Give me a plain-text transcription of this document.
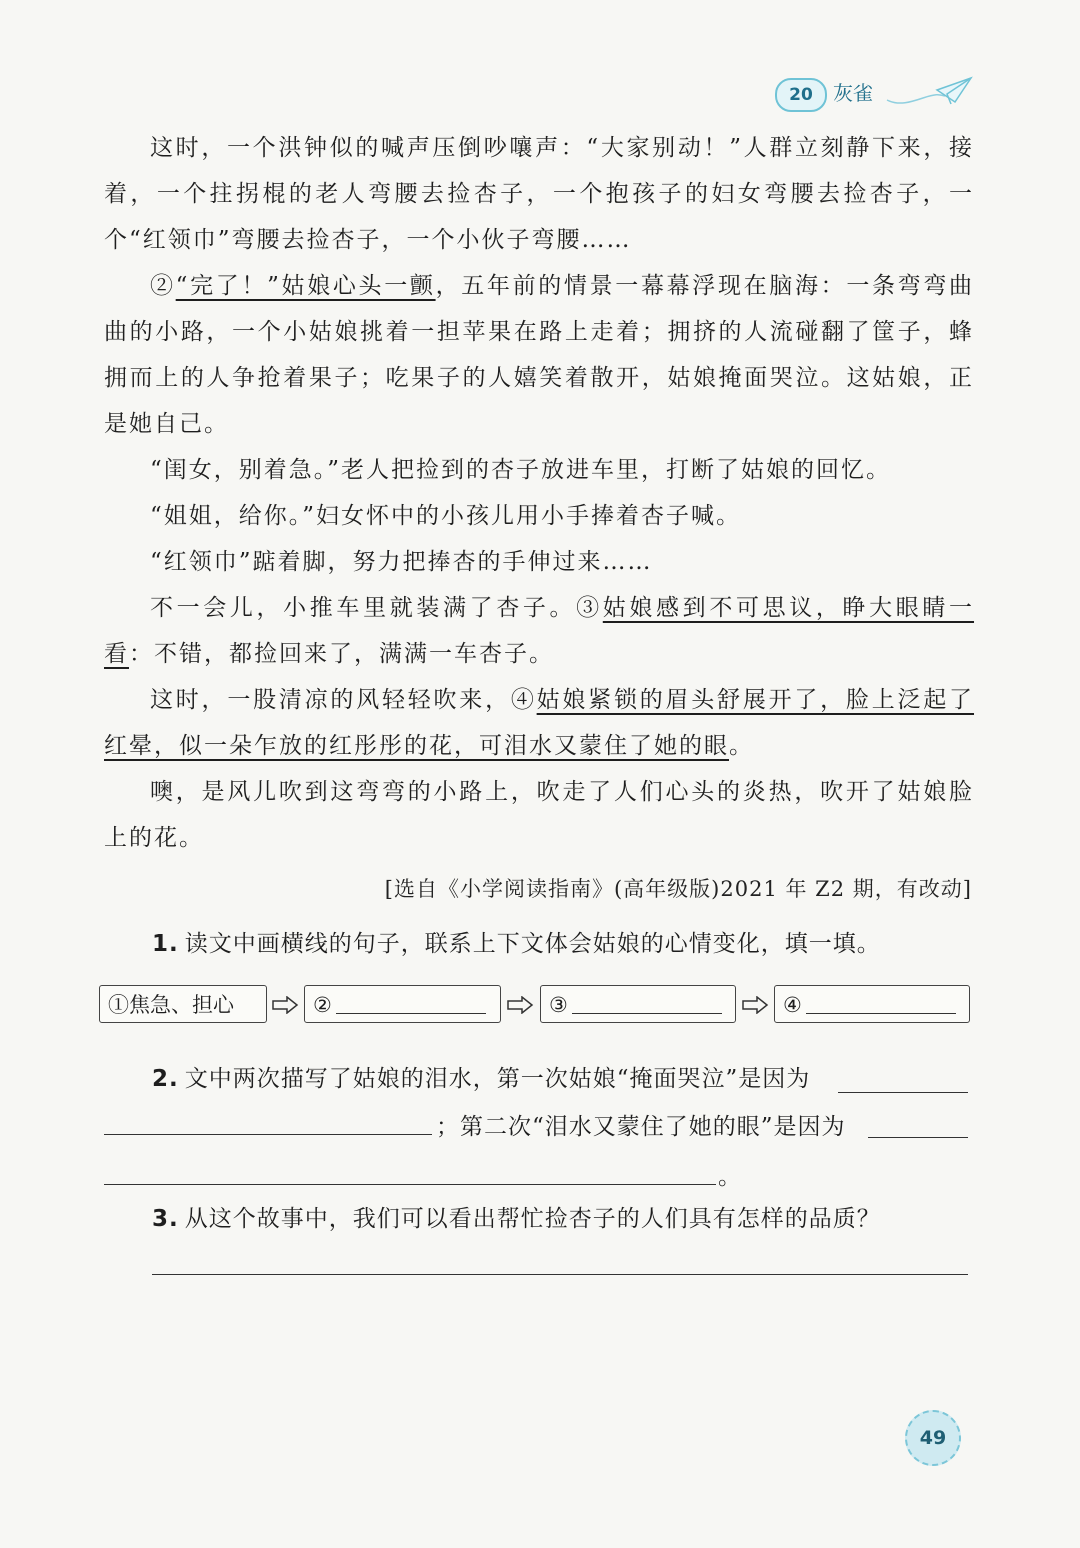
20	灰雀

这时，一个洪钟似的喊声压倒吵嚷声：“大家别动！”人群立刻静下来，接着，一个拄拐棍的老人弯腰去捡杏子，一个抱孩子的妇女弯腰去捡杏子，一个“红领巾”弯腰去捡杏子，一个小伙子弯腰……

②“完了！”姑娘心头一颤，五年前的情景一幕幕浮现在脑海：一条弯弯曲曲的小路，一个小姑娘挑着一担苹果在路上走着；拥挤的人流碰翻了筐子，蜂拥而上的人争抢着果子；吃果子的人嬉笑着散开，姑娘掩面哭泣。这姑娘，正是她自己。

“闺女，别着急。”老人把捡到的杏子放进车里，打断了姑娘的回忆。

“姐姐，给你。”妇女怀中的小孩儿用小手捧着杏子喊。

“红领巾”踮着脚，努力把捧杏的手伸过来……

不一会儿，小推车里就装满了杏子。③姑娘感到不可思议，睁大眼睛一看：不错，都捡回来了，满满一车杏子。

这时，一股清凉的风轻轻吹来，④姑娘紧锁的眉头舒展开了，脸上泛起了红晕，似一朵乍放的红彤彤的花，可泪水又蒙住了她的眼。

噢，是风儿吹到这弯弯的小路上，吹走了人们心头的炎热，吹开了姑娘脸上的花。

[选自《小学阅读指南》(高年级版)2021 年 Z2 期，有改动]
1. 读文中画横线的句子，联系上下文体会姑娘的心情变化，填一填。
①焦急、担心	②	③	④
2. 文中两次描写了姑娘的泪水，第一次姑娘“掩面哭泣”是因为
；第二次“泪水又蒙住了她的眼”是因为
。
3. 从这个故事中，我们可以看出帮忙捡杏子的人们具有怎样的品质？
49
